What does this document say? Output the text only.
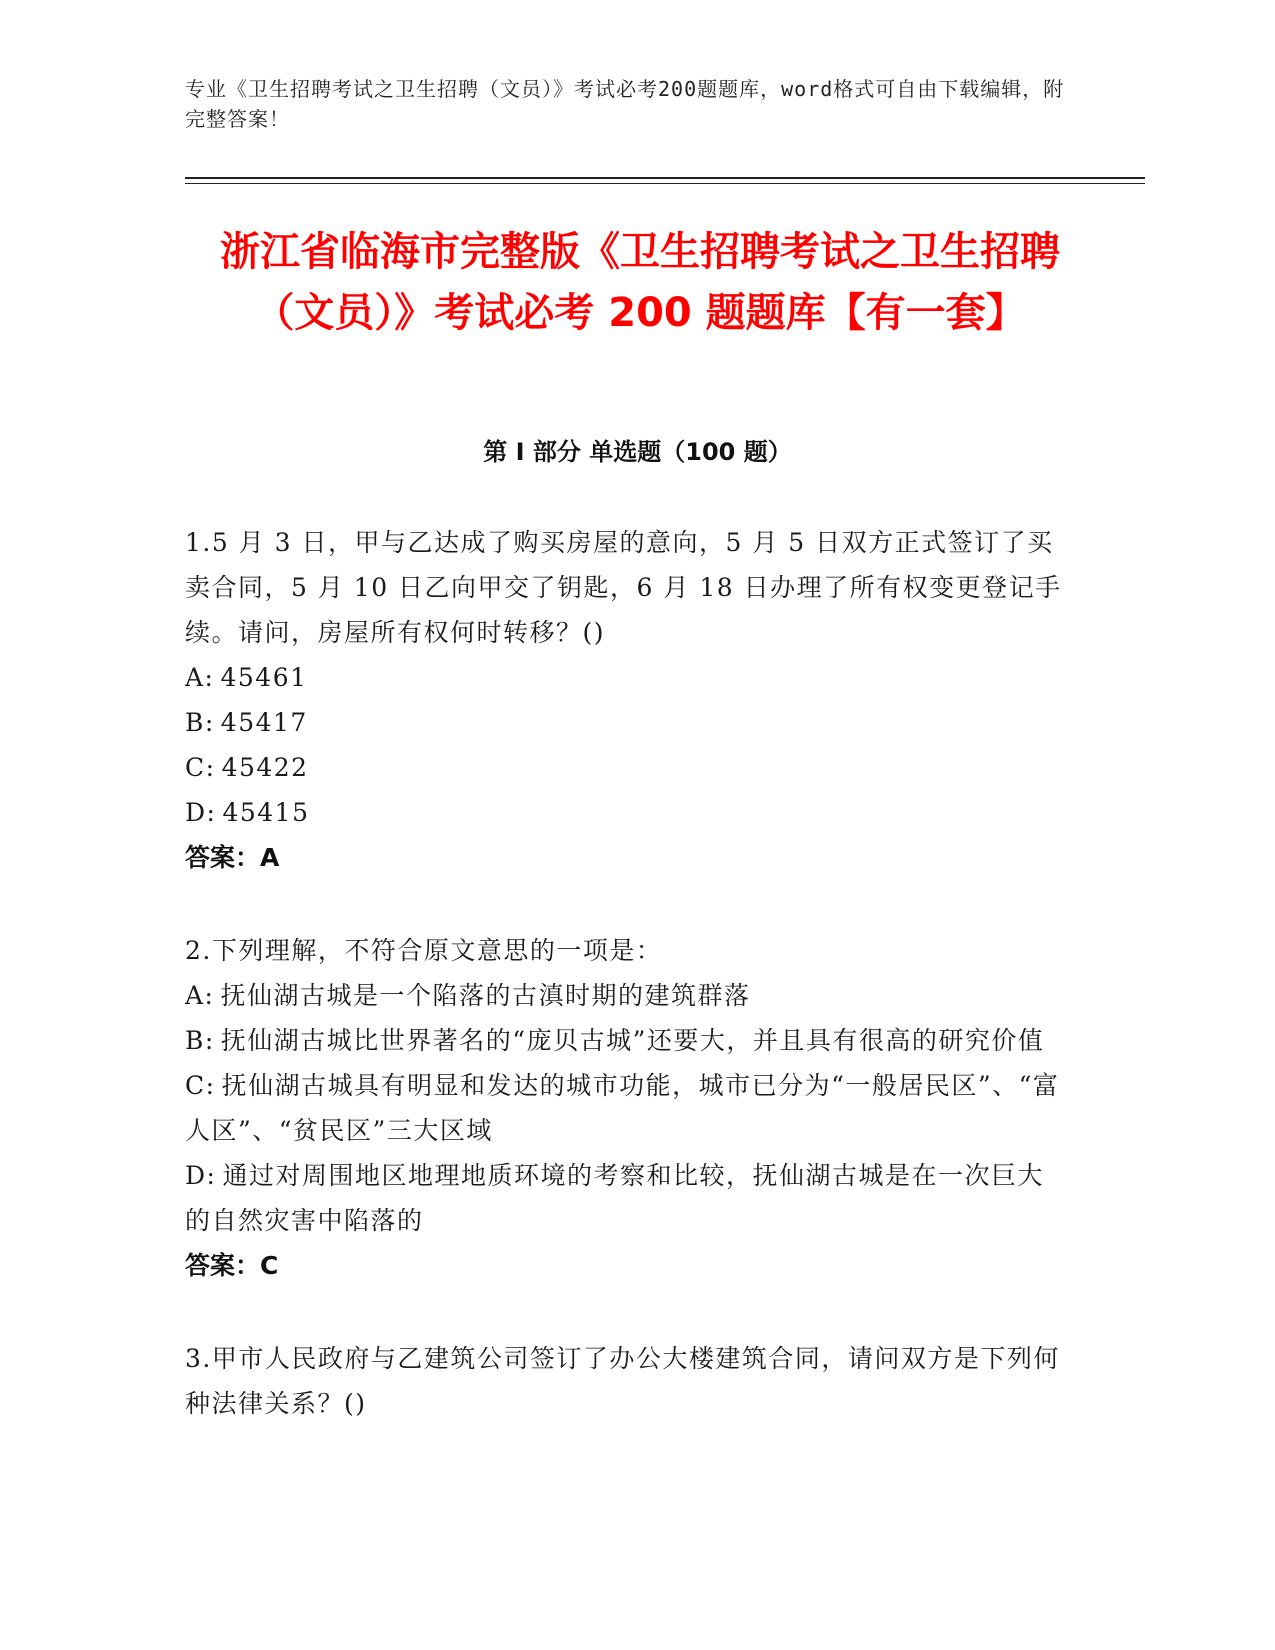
专业《卫生招聘考试之卫生招聘（文员）》考试必考200题题库，word格式可自由下载编辑，附完整答案！
浙江省临海市完整版《卫生招聘考试之卫生招聘（文员）》考试必考 200 题题库【有一套】
第 I 部分 单选题（100 题）
1.5 月 3 日，甲与乙达成了购买房屋的意向，5 月 5 日双方正式签订了买卖合同，5 月 10 日乙向甲交了钥匙，6 月 18 日办理了所有权变更登记手续。请问，房屋所有权何时转移？()
A: 45461
B: 45417
C: 45422
D: 45415
答案：A
2.下列理解，不符合原文意思的一项是：
A: 抚仙湖古城是一个陷落的古滇时期的建筑群落
B: 抚仙湖古城比世界著名的“庞贝古城”还要大，并且具有很高的研究价值
C: 抚仙湖古城具有明显和发达的城市功能，城市已分为“一般居民区”、“富人区”、“贫民区”三大区域
D: 通过对周围地区地理地质环境的考察和比较，抚仙湖古城是在一次巨大的自然灾害中陷落的
答案：C
3.甲市人民政府与乙建筑公司签订了办公大楼建筑合同，请问双方是下列何种法律关系？()
